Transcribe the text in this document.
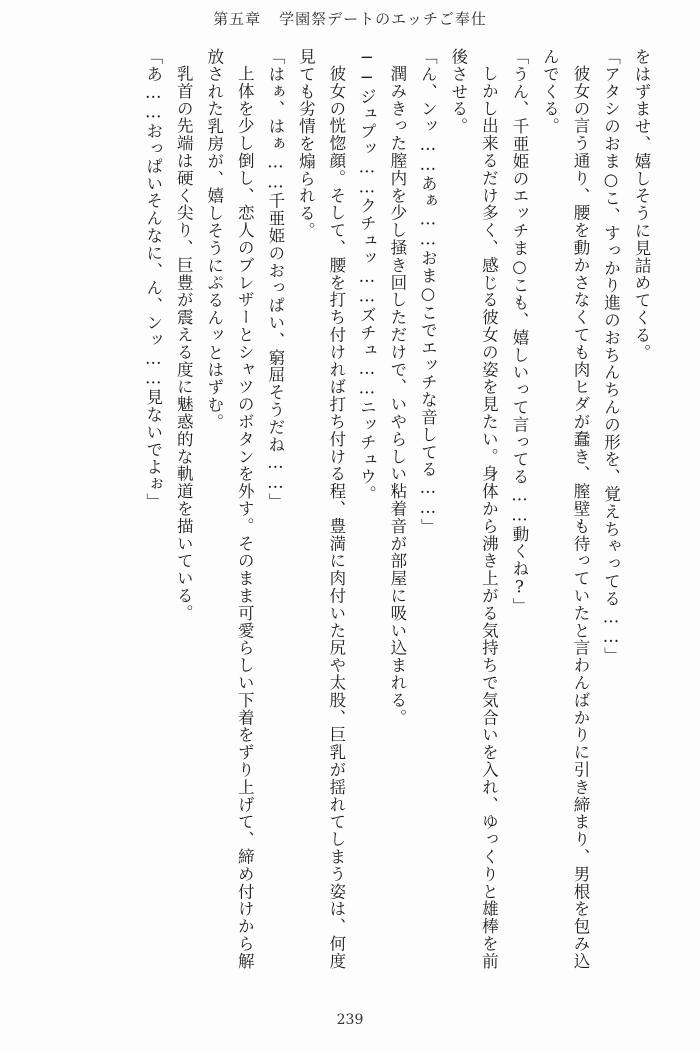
第五章 学園祭デートのエッチご奉仕

をはずませ、嬉しそうに見詰めてくる。

「アタシのおま○こ、すっかり進のおちんちんの形を、覚えちゃってる……」

彼女の言う通り、腰を動かさなくても肉ヒダが蠢き、膣壁も待っていたと言わんばかりに引き締まり、男根を包み込んでくる。

「うん、千亜姫のエッチま○こも、嬉しいって言ってる……動くね?」

しかし出来るだけ多く、感じる彼女の姿を見たい。身体から沸き上がる気持ちで気合いを入れ、ゆっくりと雄棒を前後させる。

「ん、ンッ……あぁ……おま○こでエッチな音してる……」

潤みきった膣内を少し掻き回しただけで、いやらしい粘着音が部屋に吸い込まれる。

──ジュプッ……クチュッ……ズチュ……ニッチュウ。

彼女の恍惚顔。そして、腰を打ち付ければ打ち付ける程、豊満に肉付いた尻や太股、巨乳が揺れてしまう姿は、何度見ても劣情を煽られる。

「はぁ、はぁ……千亜姫のおっぱい、窮屈そうだね……」

上体を少し倒し、恋人のブレザーとシャツのボタンを外す。そのまま可愛らしい下着をずり上げて、締め付けから解放された乳房が、嬉しそうにぷるんッとはずむ。

乳首の先端は硬く尖り、巨豊が震える度に魅惑的な軌道を描いている。

「あ……おっぱいそんなに、ん、ンッ……見ないでよぉ」

239
